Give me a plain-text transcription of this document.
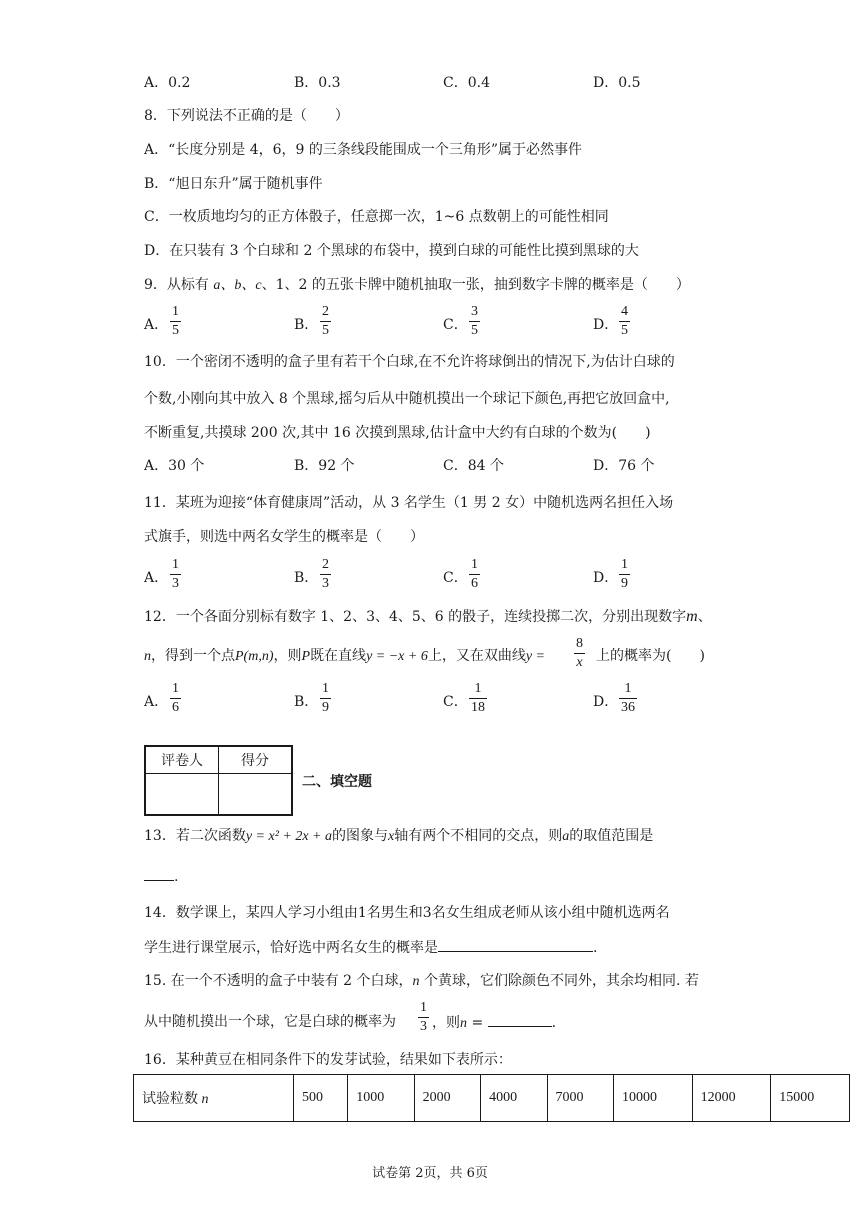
A．0.2	B．0.3	C．0.4	D．0.5
8．下列说法不正确的是（　　）
A．“长度分别是 4，6，9 的三条线段能围成一个三角形”属于必然事件
B．“旭日东升”属于随机事件
C．一枚质地均匀的正方体骰子，任意掷一次，1~6 点数朝上的可能性相同
D．在只装有 3 个白球和 2 个黑球的布袋中，摸到白球的可能性比摸到黑球的大
9．从标有 a、b、c、1、2 的五张卡牌中随机抽取一张，抽到数字卡牌的概率是（　　）
A．
1
5	B．
2
5	C．
3
5	D．
4
5
10．一个密闭不透明的盒子里有若干个白球,在不允许将球倒出的情况下,为估计白球的
个数,小刚向其中放入 8 个黑球,摇匀后从中随机摸出一个球记下颜色,再把它放回盒中,
不断重复,共摸球 200 次,其中 16 次摸到黑球,估计盒中大约有白球的个数为(　　)
A．30 个	B．92 个	C．84 个	D．76 个
11．某班为迎接“体育健康周”活动，从 3 名学生（1 男 2 女）中随机选两名担任入场
式旗手，则选中两名女学生的概率是（　　）
A．
1
3	B．
2
3	C．
1
6	D．
1
9
12．一个各面分别标有数字 1、2、3、4、5、6 的骰子，连续投掷二次，分别出现数字m、
n，得到一个点P(m,n)，则P既在直线y = −x + 6上，又在双曲线y =
8
x 上的概率为(　　)
A．
1
6	B．
1
9	C．
1
18	D．
1
36
评卷人	得分

二、填空题
13．若二次函数y = x² + 2x + a的图象与x轴有两个不相同的交点，则a的取值范围是
.
14．数学课上，某四人学习小组由1名男生和3名女生组成老师从该小组中随机选两名
学生进行课堂展示，恰好选中两名女生的概率是	.
15. 在一个不透明的盒子中装有 2 个白球，n 个黄球，它们除颜色不同外，其余均相同. 若
从中随机摸出一个球，它是白球的概率为
1
3 ，则n =	.
16．某种黄豆在相同条件下的发芽试验，结果如下表所示：
试验粒数 n	500	1000	2000	4000	7000	10000	12000	15000
试卷第 2页，共 6页
